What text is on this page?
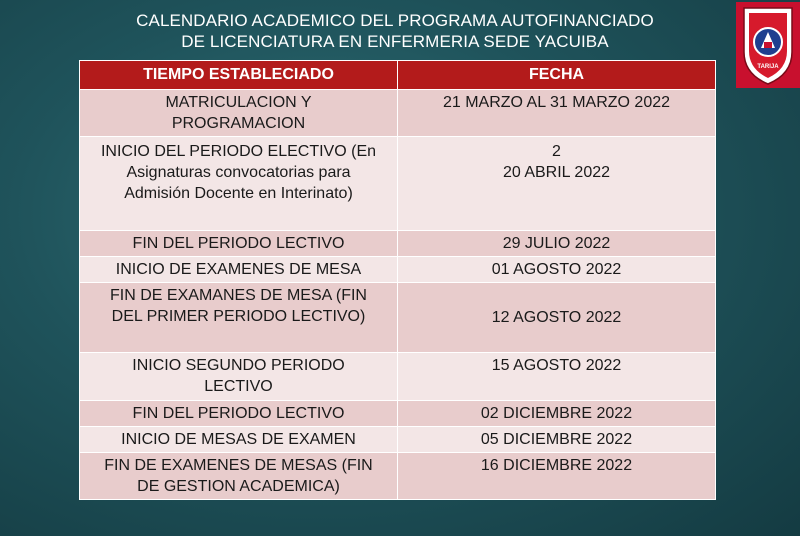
CALENDARIO ACADEMICO DEL PROGRAMA AUTOFINANCIADO
DE LICENCIATURA EN ENFERMERIA SEDE YACUIBA
TARIJA
TIEMPO ESTABLECIADO	FECHA
MATRICULACION Y PROGRAMACION	21 MARZO AL 31 MARZO 2022
INICIO DEL PERIODO ELECTIVO (En Asignaturas convocatorias para Admisión Docente en Interinato)	2
20 ABRIL 2022

FIN DEL PERIODO LECTIVO	29 JULIO 2022
INICIO DE EXAMENES DE MESA	01 AGOSTO 2022
FIN DE EXAMANES DE MESA (FIN DEL PRIMER PERIODO LECTIVO)	12 AGOSTO 2022
INICIO SEGUNDO PERIODO LECTIVO	15 AGOSTO 2022
FIN DEL PERIODO LECTIVO	02 DICIEMBRE 2022
INICIO DE MESAS DE EXAMEN	05 DICIEMBRE 2022
FIN DE EXAMENES DE MESAS (FIN DE GESTION ACADEMICA)	16 DICIEMBRE 2022
